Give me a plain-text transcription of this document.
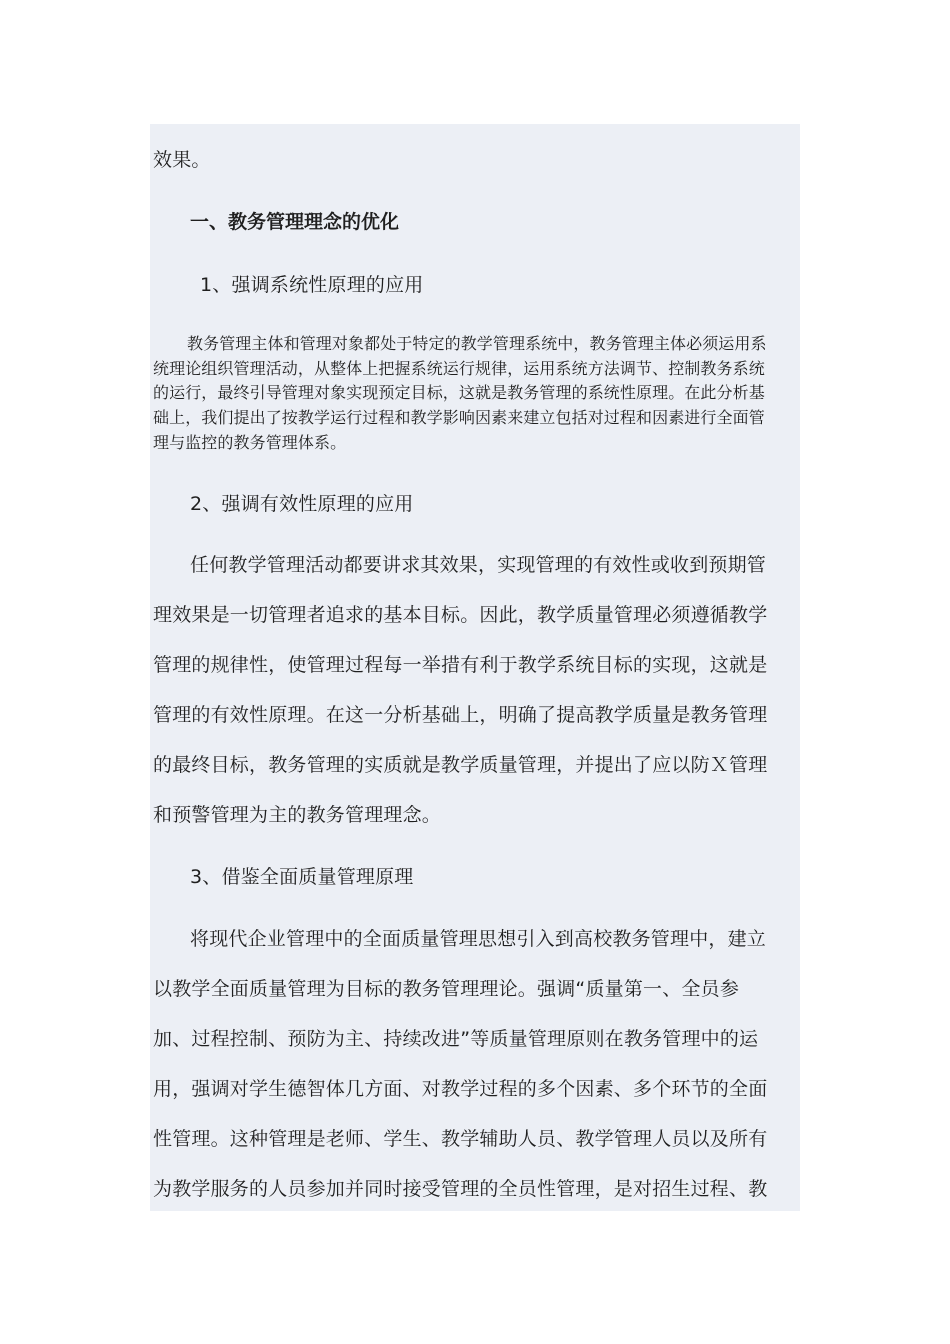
效果。

一、教务管理理念的优化

1、强调系统性原理的应用

教务管理主体和管理对象都处于特定的教学管理系统中，教务管理主体必须运用系

统理论组织管理活动，从整体上把握系统运行规律，运用系统方法调节、控制教务系统

的运行，最终引导管理对象实现预定目标，这就是教务管理的系统性原理。在此分析基

础上，我们提出了按教学运行过程和教学影响因素来建立包括对过程和因素进行全面管

理与监控的教务管理体系。

2、强调有效性原理的应用

任何教学管理活动都要讲求其效果，实现管理的有效性或收到预期管

理效果是一切管理者追求的基本目标。因此，教学质量管理必须遵循教学

管理的规律性，使管理过程每一举措有利于教学系统目标的实现，这就是

管理的有效性原理。在这一分析基础上，明确了提高教学质量是教务管理

的最终目标，教务管理的实质就是教学质量管理，并提出了应以防Ｘ管理

和预警管理为主的教务管理理念。

3、借鉴全面质量管理原理

将现代企业管理中的全面质量管理思想引入到高校教务管理中，建立

以教学全面质量管理为目标的教务管理理论。强调“质量第一、全员参

加、过程控制、预防为主、持续改进”等质量管理原则在教务管理中的运

用，强调对学生德智体几方面、对教学过程的多个因素、多个环节的全面

性管理。这种管理是老师、学生、教学辅助人员、教学管理人员以及所有

为教学服务的人员参加并同时接受管理的全员性管理，是对招生过程、教
